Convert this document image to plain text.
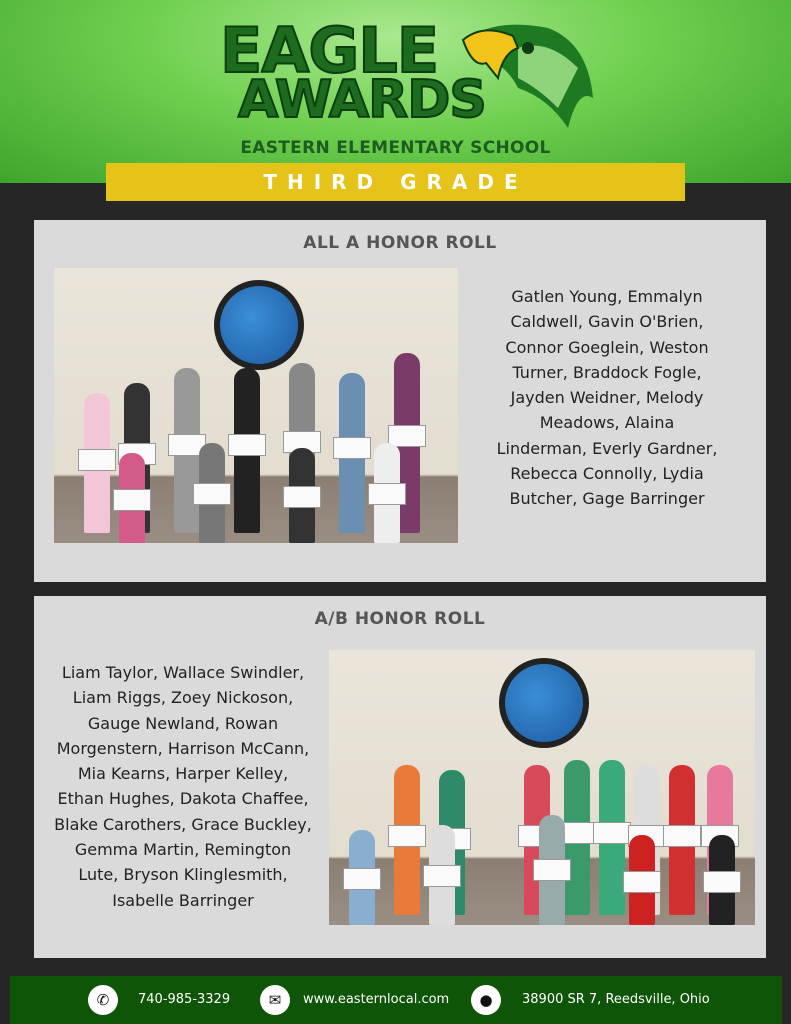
EAGLE
AWARDS
EASTERN ELEMENTARY SCHOOL
THIRD GRADE
ALL A HONOR ROLL
Gatlen Young, Emmalyn Caldwell, Gavin O'Brien, Connor Goeglein, Weston Turner, Braddock Fogle, Jayden Weidner, Melody Meadows, Alaina Linderman, Everly Gardner, Rebecca Connolly, Lydia Butcher, Gage Barringer
A/B HONOR ROLL
Liam Taylor, Wallace Swindler, Liam Riggs, Zoey Nickoson, Gauge Newland, Rowan Morgenstern, Harrison McCann, Mia Kearns, Harper Kelley, Ethan Hughes, Dakota Chaffee, Blake Carothers, Grace Buckley, Gemma Martin, Remington Lute, Bryson Klinglesmith, Isabelle Barringer
✆	740-985-3329	✉	www.easternlocal.com	●	38900 SR 7, Reedsville, Ohio
